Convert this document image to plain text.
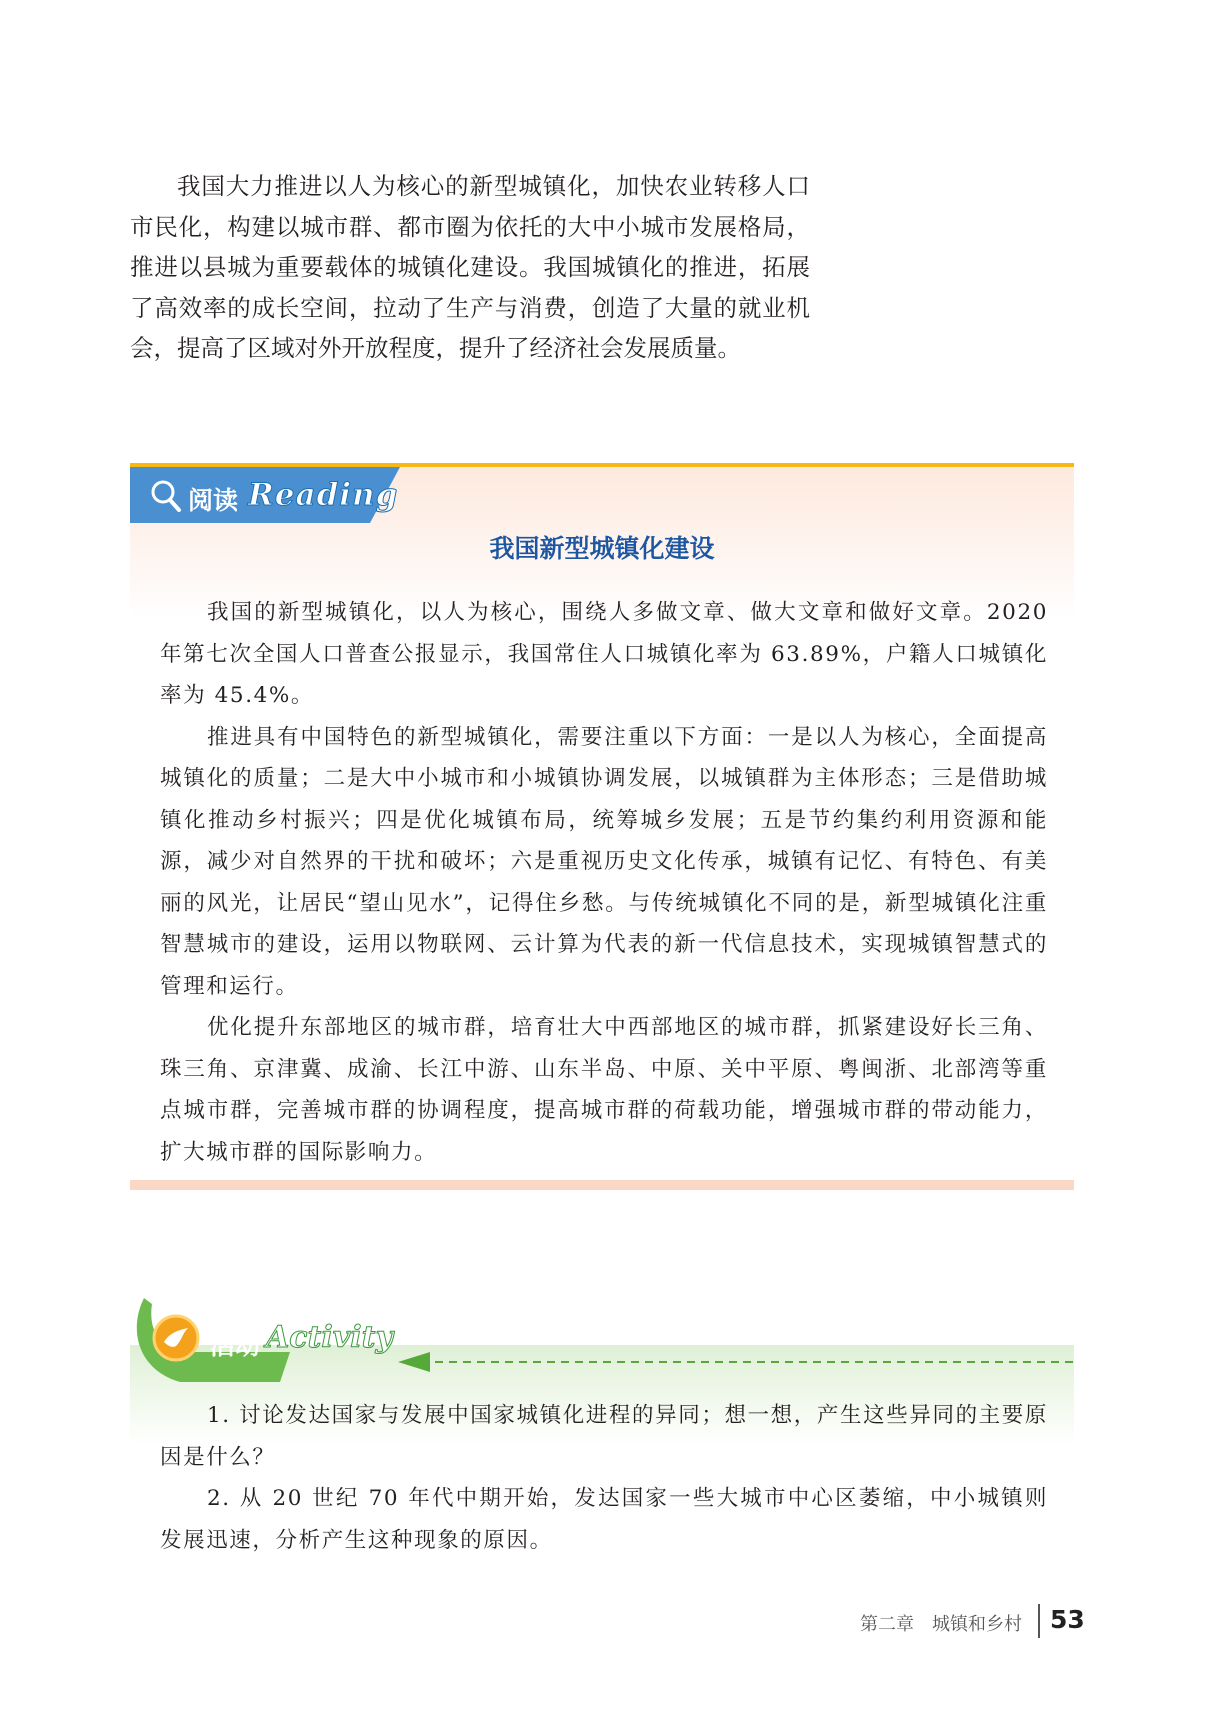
我国大力推进以人为核心的新型城镇化，加快农业转移人口市民化，构建以城市群、都市圈为依托的大中小城市发展格局，推进以县城为重要载体的城镇化建设。我国城镇化的推进，拓展了高效率的成长空间，拉动了生产与消费，创造了大量的就业机会，提高了区域对外开放程度，提升了经济社会发展质量。

阅读 Reading
我国新型城镇化建设

我国的新型城镇化，以人为核心，围绕人多做文章、做大文章和做好文章。2020 年第七次全国人口普查公报显示，我国常住人口城镇化率为 63.89%，户籍人口城镇化率为 45.4%。

推进具有中国特色的新型城镇化，需要注重以下方面：一是以人为核心，全面提高城镇化的质量；二是大中小城市和小城镇协调发展，以城镇群为主体形态；三是借助城镇化推动乡村振兴；四是优化城镇布局，统筹城乡发展；五是节约集约利用资源和能源，减少对自然界的干扰和破坏；六是重视历史文化传承，城镇有记忆、有特色、有美丽的风光，让居民“望山见水”，记得住乡愁。与传统城镇化不同的是，新型城镇化注重智慧城市的建设，运用以物联网、云计算为代表的新一代信息技术，实现城镇智慧式的管理和运行。

优化提升东部地区的城市群，培育壮大中西部地区的城市群，抓紧建设好长三角、珠三角、京津冀、成渝、长江中游、山东半岛、中原、关中平原、粤闽浙、北部湾等重点城市群，完善城市群的协调程度，提高城市群的荷载功能，增强城市群的带动能力，扩大城市群的国际影响力。

活动 Activity

1. 讨论发达国家与发展中国家城镇化进程的异同；想一想，产生这些异同的主要原因是什么？

2. 从 20 世纪 70 年代中期开始，发达国家一些大城市中心区萎缩，中小城镇则发展迅速，分析产生这种现象的原因。

第二章　城镇和乡村 53
